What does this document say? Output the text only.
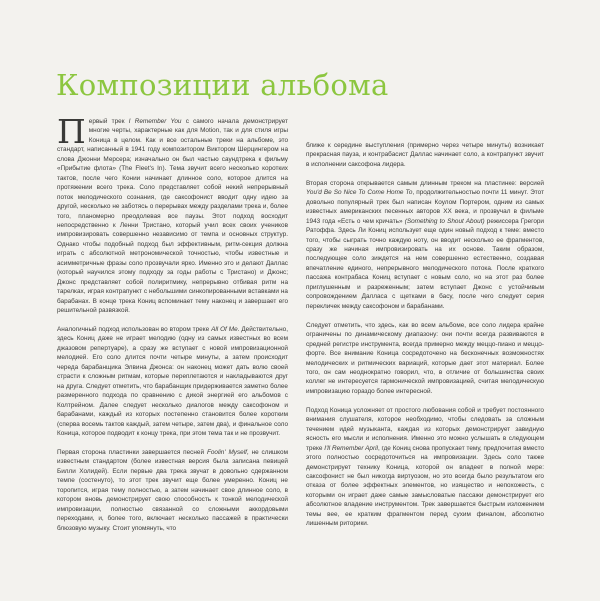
Композиции альбома

Первый трек I Remember You с самого начала демонстрирует многие черты, характерные как для Motion, так и для стиля игры Коница в целом. Как и все остальные треки на альбоме, это стандарт, написанный в 1941 году композитором Виктором Шерцингером на слова Джонни Мерсера; изначально он был частью саундтрека к фильму «Прибытие флота» (The Fleet's In). Тема звучит всего несколько коротких тактов, после чего Конии начинает длинное соло, которое длится на протяжении всего трека. Соло представляет собой некий непрерывный поток мелодического сознания, где саксофонист вводит одну идею за другой, несколько не заботясь о перерывах между разделами трека и, более того, планомерно преодолевая все паузы. Этот подход восходит непосредственно к Ленни Тристано, который учил всех своих учеников импровизировать совершенно независимо от темпа и основных структур. Однако чтобы подобный подход был эффективным, ритм-секция должна играть с абсолютной метрономической точностью, чтобы известные и асимметричные фразы соло прозвучали ярко. Именно это и делают Даллас (который научился этому подходу за годы работы с Тристано) и Джонс; Джонс представляет собой полиритмику, непрерывно отбивая ритм на тарелках, играя контрапункт с небольшими синкопированными вставками на барабанах. В конце трека Кониц вспоминает тему наконец и завершает его решительной развязкой.

Аналогичный подход использован во втором треке All Of Me. Действительно, здесь Кониц даже не играет мелодию (одну из самых известных во всем джазовом репертуаре), а сразу же вступает с новой импровизационной мелодией. Его соло длится почти четыре минуты, а затем происходит череда барабанщика Элвина Джонса: он наконец может дать волю своей страсти к сложным ритмам, которые переплетаются и накладываются друг на друга. Следует отметить, что барабанщик придерживается заметно более размеренного подхода по сравнению с дикой энергией его альбомов с Колтрейном. Далее следует несколько диалогов между саксофоном и барабанами, каждый из которых постепенно становится более коротким (сперва восемь тактов каждый, затем четыре, затем два), и финальное соло Коница, которое подводит к концу трека, при этом тема так и не прозвучит.

Первая сторона пластинки завершается песней Foolin' Myself, не слишком известным стандартом (более известная версия была записана певицей Билли Холидей). Если первые два трека звучат в довольно сдержанном темпе (состенуто), то этот трек звучит еще более умеренно. Кониц не торопится, играя тему полностью, а затем начинает свое длинное соло, в котором вновь демонстрирует свою способность к тонкой мелодической импровизации, полностью связанной со сложными аккордовыми переходами, и, более того, включает несколько пассажей в практически блюзовую музыку. Стоит упомянуть, что

ближе к середине выступления (примерно через четыре минуты) возникает прекрасная пауза, и контрабасист Даллас начинает соло, а контрапункт звучит в исполнении саксофона лидера.

Вторая сторона открывается самым длинным треком на пластинке: версией You'd Be So Nice To Come Home To, продолжительностью почти 11 минут. Этот довольно популярный трек был написан Коулом Портером, одним из самых известных американских песенных авторов XX века, и прозвучал в фильме 1943 года «Есть о чем кричать» (Something to Shout About) режиссера Грегори Ратоффа. Здесь Ли Кониц использует еще один новый подход к теме: вместо того, чтобы сыграть точно каждую ноту, он вводит несколько ее фрагментов, сразу же начиная импровизировать на их основе. Таким образом, последующее соло зиждется на нем совершенно естественно, создавая впечатление единого, непрерывного мелодического потока. После краткого пассажа контрабаса Кониц вступает с новым соло, но на этот раз более приглушенным и разреженным; затем вступает Джонс с устойчивым сопровождением Далласа с щетками в басу, после чего следует серия перекличек между саксофоном и барабанами.

Следует отметить, что здесь, как во всем альбоме, все соло лидера крайне ограничены по динамическому диапазону: они почти всегда развиваются в средней регистре инструмента, всегда примерно между меццо-пиано и меццо-форте. Все внимание Коница сосредоточено на бесконечных возможностях мелодических и ритмических вариаций, которые дает этот материал. Более того, он сам неоднократно говорил, что, в отличие от большинства своих коллег не интересуется гармонической импровизацией, считая мелодическую импровизацию гораздо более интересной.

Подход Коница усложняет от простого любования собой и требует постоянного внимания слушателя, которое необходимо, чтобы следовать за сложным течением идей музыканта, каждая из которых демонстрирует завидную ясность его мысли и исполнения. Именно это можно услышать в следующем треке I'll Remember April, где Кониц снова пропускает тему, предпочитая вместо этого полностью сосредоточиться на импровизации. Здесь соло также демонстрирует технику Коница, которой он владеет в полной мере: саксофонист не был никогда виртуозом, но это всегда было результатом его отказа от более эффектных элементов, но изящество и непохожесть, с которыми он играет даже самые замысловатые пассажи демонстрирует его абсолютное владение инструментом. Трек завершается быстрым изложением темы вее, ее кратким фрагментом перед сухим финалом, абсолютно лишенным риторики.
